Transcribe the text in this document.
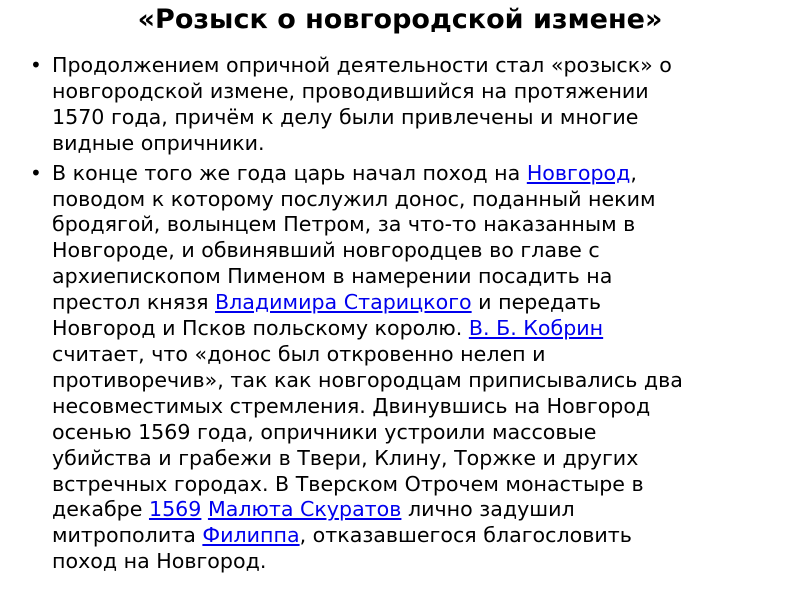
«Розыск о новгородской измене»
• Продолжением опричной деятельности стал «розыск» о
новгородской измене, проводившийся на протяжении
1570 года, причём к делу были привлечены и многие
видные опричники.
• В конце того же года царь начал поход на Новгород,
поводом к которому послужил донос, поданный неким
бродягой, волынцем Петром, за что-то наказанным в
Новгороде, и обвинявший новгородцев во главе с
архиепископом Пименом в намерении посадить на
престол князя Владимира Старицкого и передать
Новгород и Псков польскому королю. В. Б. Кобрин
считает, что «донос был откровенно нелеп и
противоречив», так как новгородцам приписывались два
несовместимых стремления. Двинувшись на Новгород
осенью 1569 года, опричники устроили массовые
убийства и грабежи в Твери, Клину, Торжке и других
встречных городах. В Тверском Отрочем монастыре в
декабре 1569 Малюта Скуратов лично задушил
митрополита Филиппа, отказавшегося благословить
поход на Новгород.
